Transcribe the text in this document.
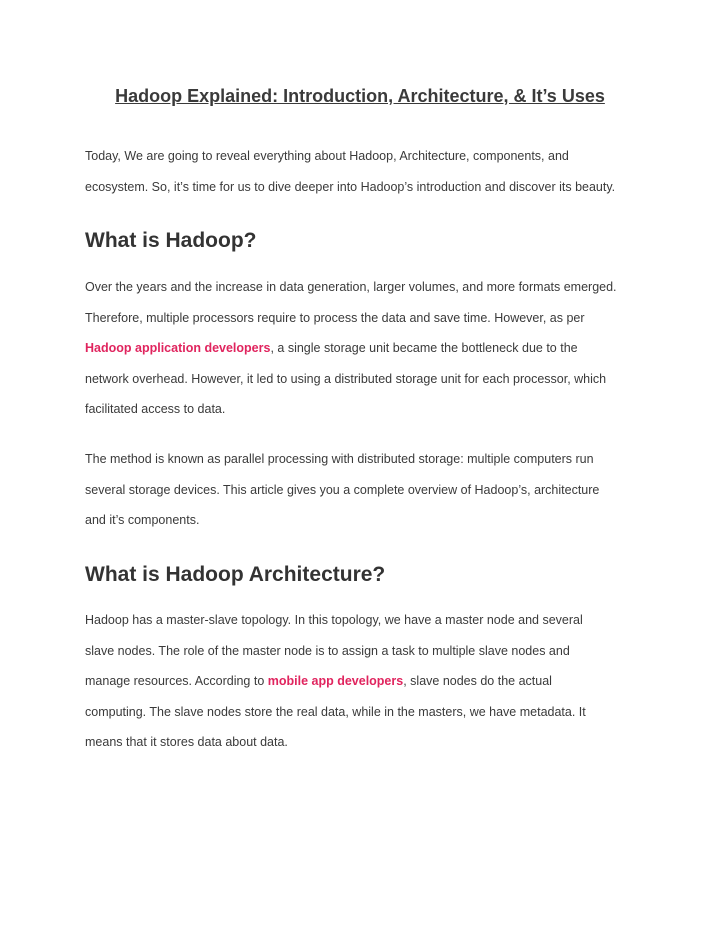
Hadoop Explained: Introduction, Architecture, & It’s Uses

Today, We are going to reveal everything about Hadoop, Architecture, components, and
ecosystem. So, it’s time for us to dive deeper into Hadoop’s introduction and discover its beauty.

What is Hadoop?

Over the years and the increase in data generation, larger volumes, and more formats emerged.
Therefore, multiple processors require to process the data and save time. However, as per
Hadoop application developers, a single storage unit became the bottleneck due to the
network overhead. However, it led to using a distributed storage unit for each processor, which
facilitated access to data.

The method is known as parallel processing with distributed storage: multiple computers run
several storage devices. This article gives you a complete overview of Hadoop’s, architecture
and it’s components.

What is Hadoop Architecture?

Hadoop has a master-slave topology. In this topology, we have a master node and several
slave nodes. The role of the master node is to assign a task to multiple slave nodes and
manage resources. According to mobile app developers, slave nodes do the actual
computing. The slave nodes store the real data, while in the masters, we have metadata. It
means that it stores data about data.
